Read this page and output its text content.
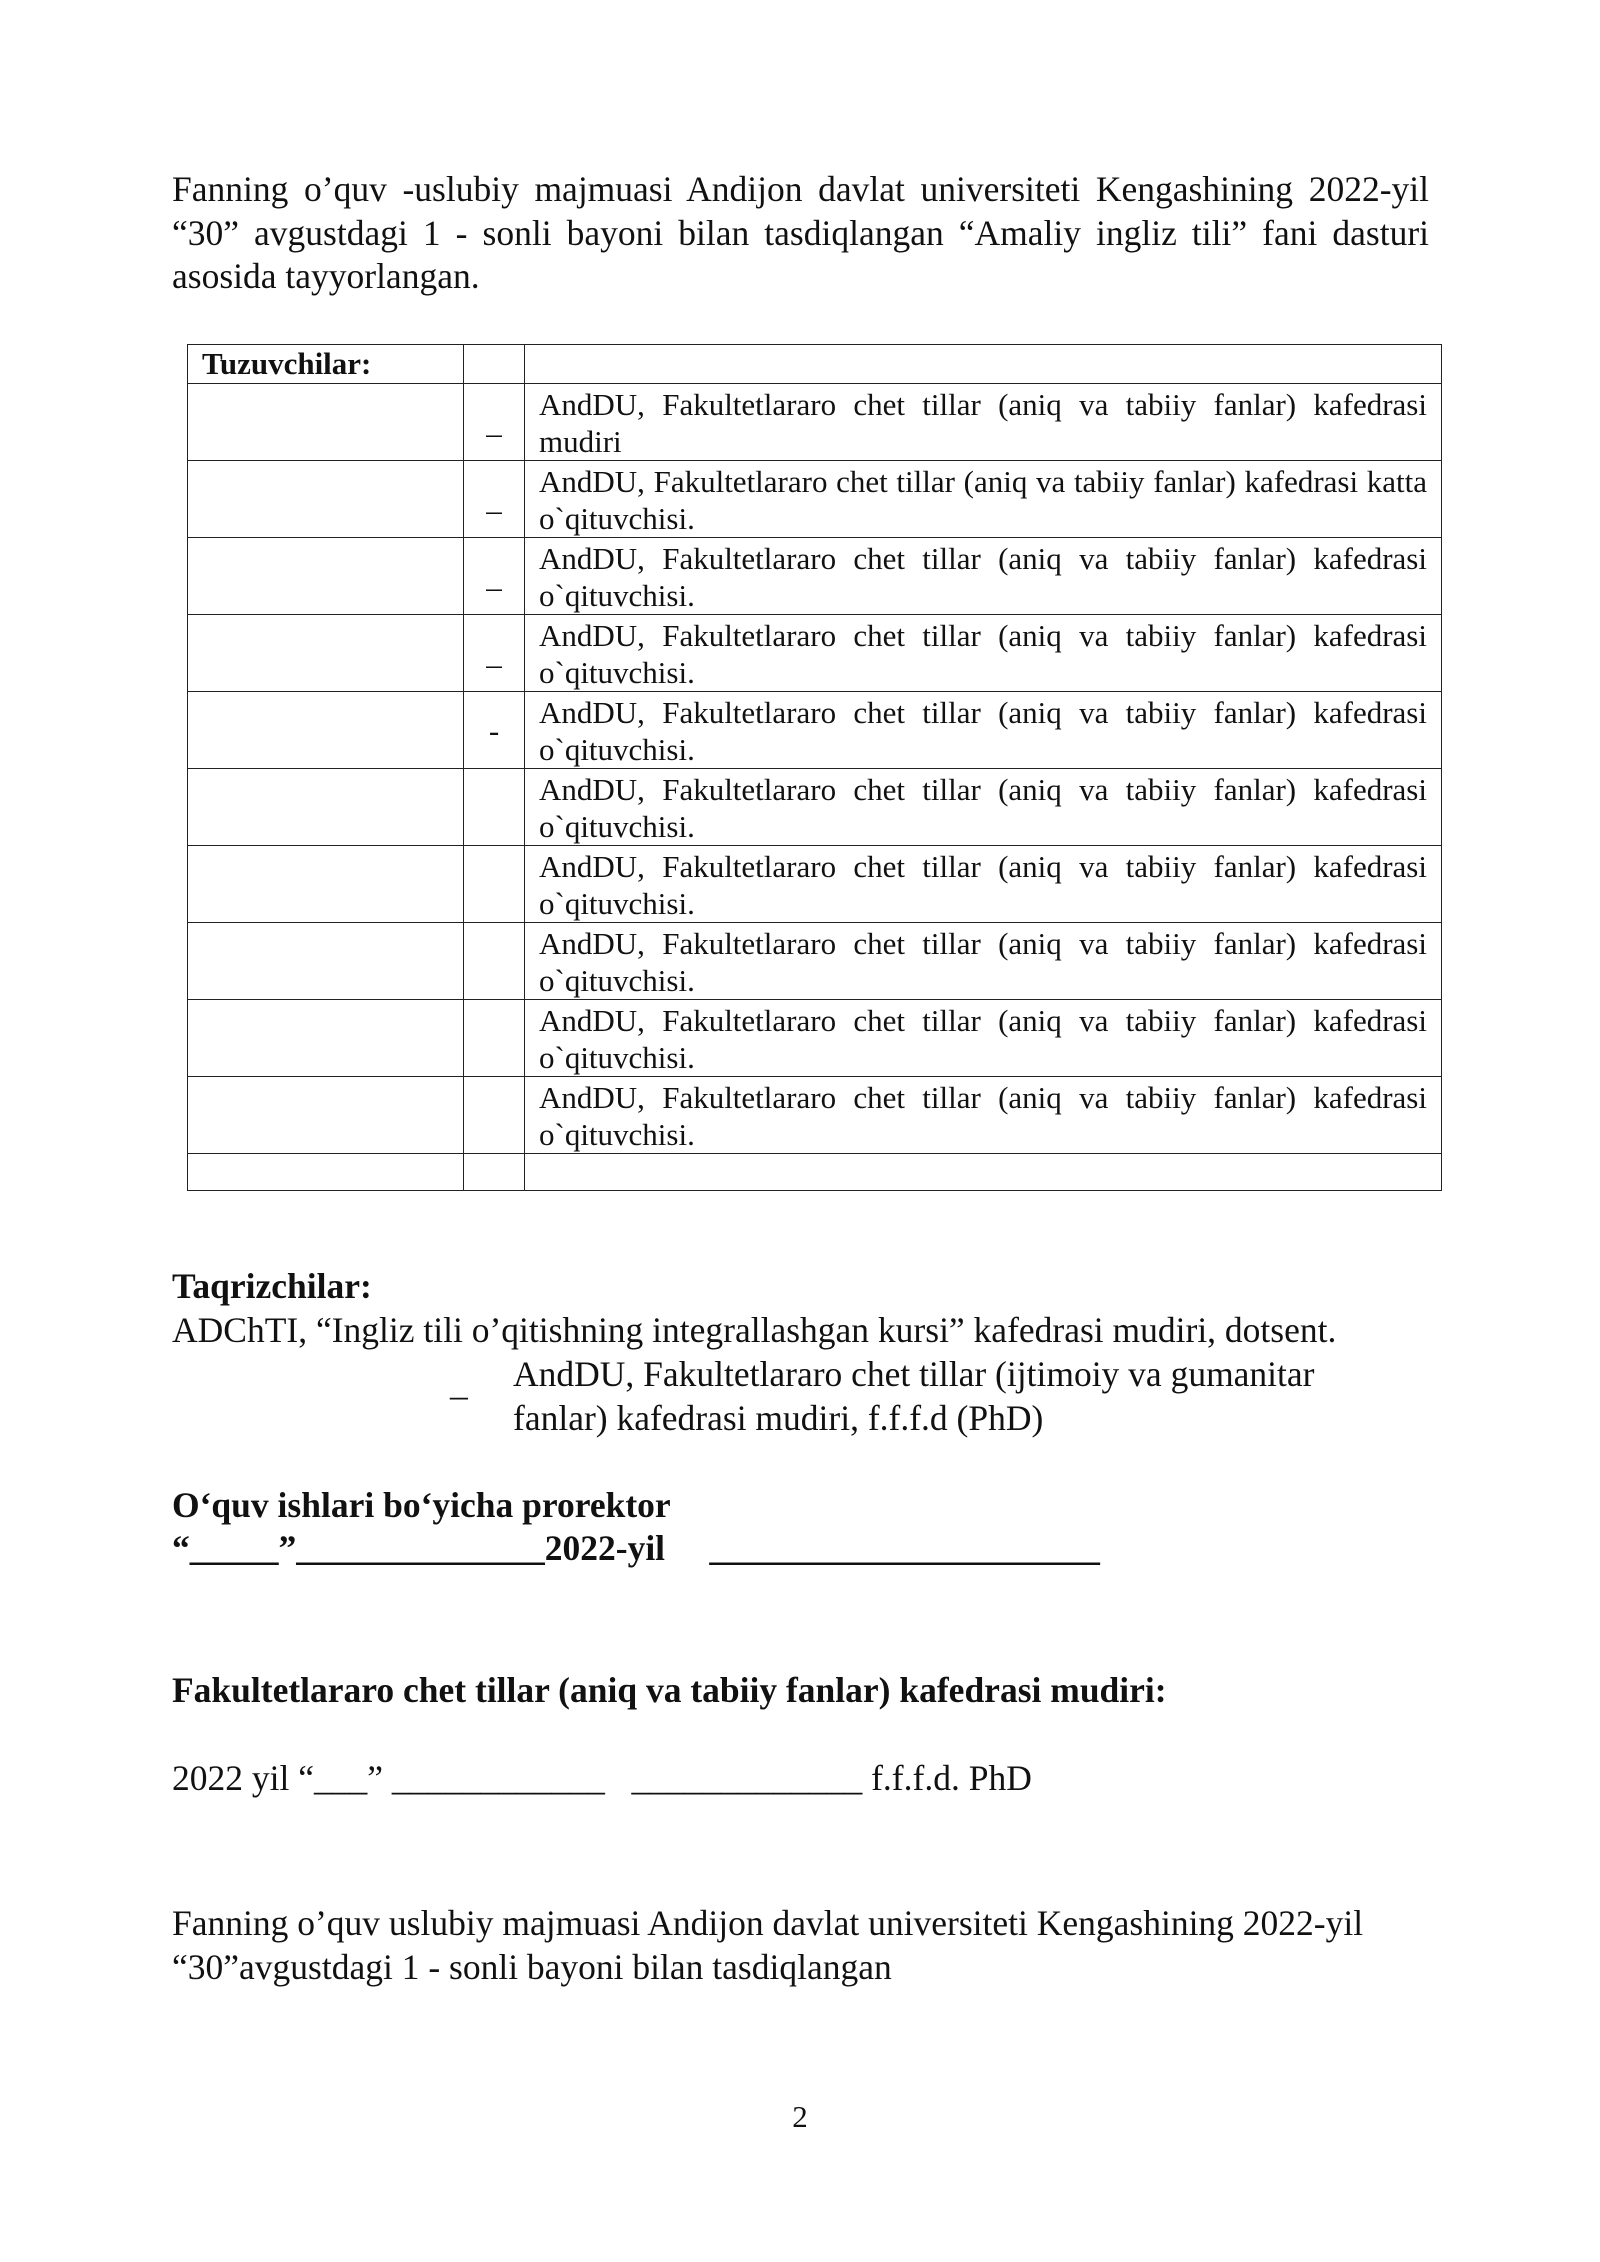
Fanning o’quv -uslubiy majmuasi Andijon davlat universiteti Kengashining 2022-yil “30” avgustdagi 1 - sonli bayoni bilan tasdiqlangan “Amaliy ingliz tili” fani dasturi asosida tayyorlangan.
Tuzuvchilar:		
	_	AndDU, Fakultetlararo chet tillar (aniq va tabiiy fanlar) kafedrasi mudiri
	_	AndDU, Fakultetlararo chet tillar (aniq va tabiiy fanlar) kafedrasi katta o`qituvchisi.
	_	AndDU, Fakultetlararo chet tillar (aniq va tabiiy fanlar) kafedrasi o`qituvchisi.
	_	AndDU, Fakultetlararo chet tillar (aniq va tabiiy fanlar) kafedrasi o`qituvchisi.
	-	AndDU, Fakultetlararo chet tillar (aniq va tabiiy fanlar) kafedrasi o`qituvchisi.
		AndDU, Fakultetlararo chet tillar (aniq va tabiiy fanlar) kafedrasi o`qituvchisi.
		AndDU, Fakultetlararo chet tillar (aniq va tabiiy fanlar) kafedrasi o`qituvchisi.
		AndDU, Fakultetlararo chet tillar (aniq va tabiiy fanlar) kafedrasi o`qituvchisi.
		AndDU, Fakultetlararo chet tillar (aniq va tabiiy fanlar) kafedrasi o`qituvchisi.
		AndDU, Fakultetlararo chet tillar (aniq va tabiiy fanlar) kafedrasi o`qituvchisi.

Taqrizchilar:
ADChTI, “Ingliz tili o’qitishning integrallashgan kursi” kafedrasi mudiri, dotsent.
_ AndDU, Fakultetlararo chet tillar (ijtimoiy va gumanitar fanlar) kafedrasi mudiri, f.f.f.d (PhD)
O‘quv ishlari bo‘yicha prorektor
“_____”______________2022-yil     ______________________
Fakultetlararo chet tillar (aniq va tabiiy fanlar) kafedrasi mudiri:
2022 yil “___” ____________   _____________ f.f.f.d. PhD
Fanning o’quv uslubiy majmuasi Andijon davlat universiteti Kengashining 2022-yil “30”avgustdagi 1 - sonli bayoni bilan tasdiqlangan
2
